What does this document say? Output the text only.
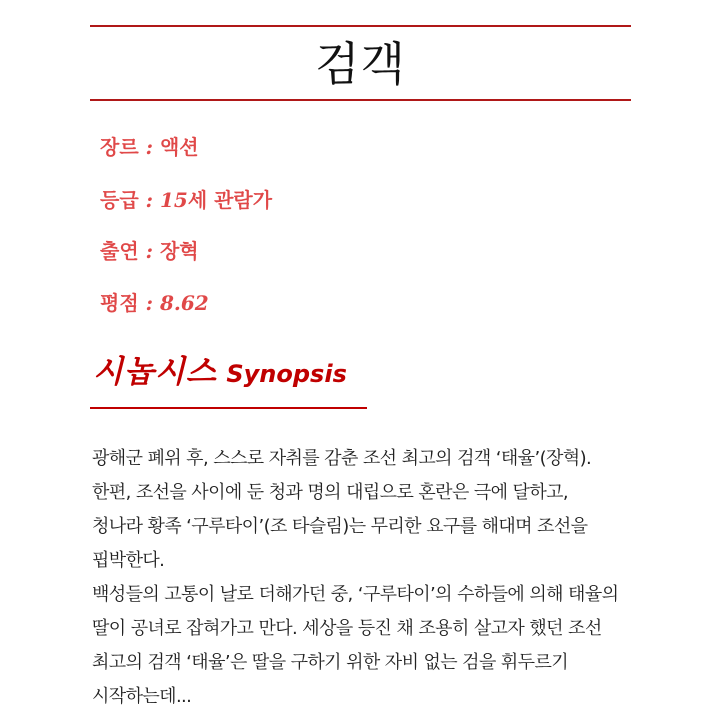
검객
장르 : 액션
등급 : 15세 관람가
출연 : 장혁
평점 : 8.62
시놉시스 Synopsis
광해군 폐위 후, 스스로 자취를 감춘 조선 최고의 검객 ‘태율’(장혁).
한편, 조선을 사이에 둔 청과 명의 대립으로 혼란은 극에 달하고,
청나라 황족 ‘구루타이’(조 타슬림)는 무리한 요구를 해대며 조선을
핍박한다.
백성들의 고통이 날로 더해가던 중, ‘구루타이’의 수하들에 의해 태율의
딸이 공녀로 잡혀가고 만다. 세상을 등진 채 조용히 살고자 했던 조선
최고의 검객 ‘태율’은 딸을 구하기 위한 자비 없는 검을 휘두르기
시작하는데...
